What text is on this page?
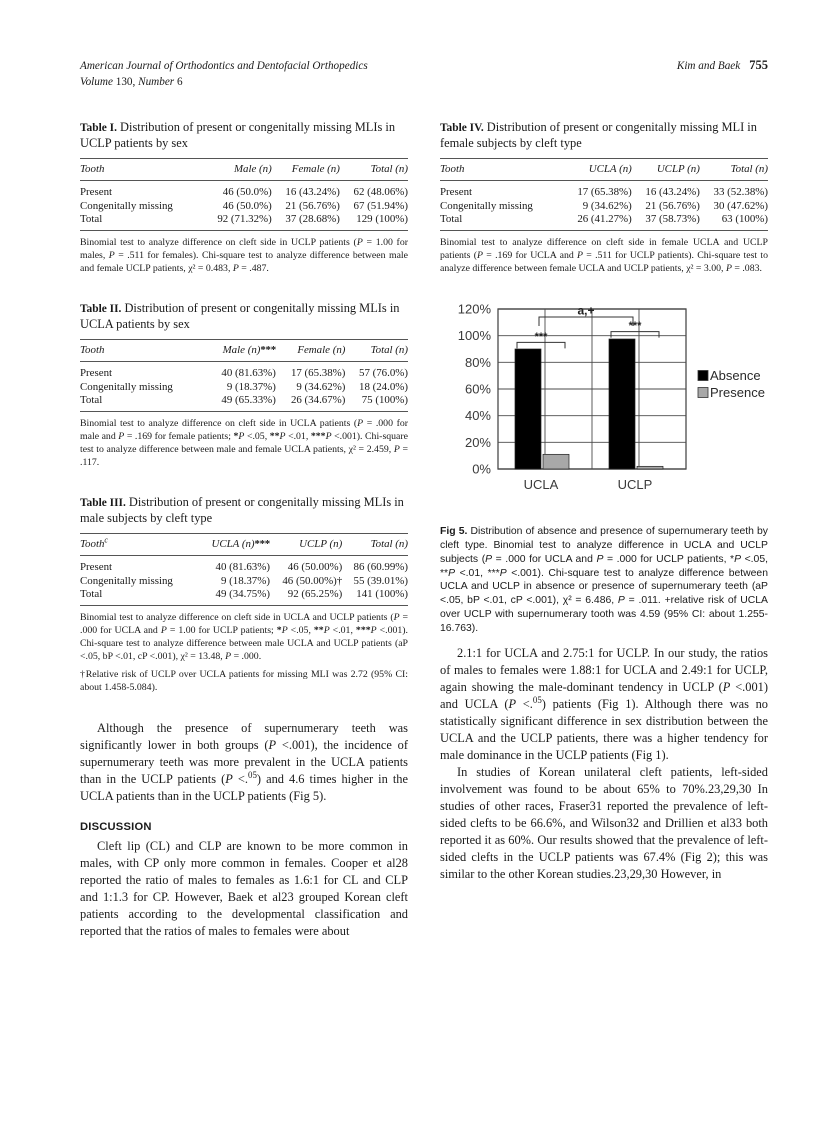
American Journal of Orthodontics and Dentofacial Orthopedics
Volume 130, Number 6
Kim and Baek 755
Table I. Distribution of present or congenitally missing MLIs in UCLP patients by sex
Tooth	Male (n)	Female (n)	Total (n)
Present	46 (50.0%)	16 (43.24%)	62 (48.06%)
Congenitally missing	46 (50.0%)	21 (56.76%)	67 (51.94%)
Total	92 (71.32%)	37 (28.68%)	129 (100%)
Binomial test to analyze difference on cleft side in UCLP patients (P = 1.00 for males, P = .511 for females). Chi-square test to analyze difference between male and female UCLP patients, χ² = 0.483, P = .487.
Table II. Distribution of present or congenitally missing MLIs in UCLA patients by sex
Tooth	Male (n)***	Female (n)	Total (n)
Present	40 (81.63%)	17 (65.38%)	57 (76.0%)
Congenitally missing	9 (18.37%)	9 (34.62%)	18 (24.0%)
Total	49 (65.33%)	26 (34.67%)	75 (100%)
Binomial test to analyze difference on cleft side in UCLA patients (P = .000 for male and P = .169 for female patients; *P <.05, **P <.01, ***P <.001). Chi-square test to analyze difference between male and female UCLA patients, χ² = 2.459, P = .117.
Table III. Distribution of present or congenitally missing MLIs in male subjects by cleft type
Tooth$^c$	UCLA (n)***	UCLP (n)	Total (n)
Present	40 (81.63%)	46 (50.00%)	86 (60.99%)
Congenitally missing	9 (18.37%)	46 (50.00%)†	55 (39.01%)
Total	49 (34.75%)	92 (65.25%)	141 (100%)
Binomial test to analyze difference on cleft side in UCLA and UCLP patients (P = .000 for UCLA and P = 1.00 for UCLP patients; *P <.05, **P <.01, ***P <.001). Chi-square test to analyze difference between male UCLA and UCLP patients (aP <.05, bP <.01, cP <.001), χ² = 13.48, P = .000.
†Relative risk of UCLP over UCLA patients for missing MLI was 2.72 (95% CI: about 1.458-5.084).

Although the presence of supernumerary teeth was significantly lower in both groups (P <.001), the incidence of supernumerary teeth was more prevalent in the UCLA patients than in the UCLP patients (P <.$^{05}$) and 4.6 times higher in the UCLA patients than in the UCLP patients (Fig 5).

DISCUSSION

Cleft lip (CL) and CLP are known to be more common in males, with CP only more common in females. Cooper et al28 reported the ratio of males to females as 1.6:1 for CL and CLP and 1:1.3 for CP. However, Baek et al23 grouped Korean cleft patients according to the developmental classification and reported that the ratios of males to females were about

Table IV. Distribution of present or congenitally missing MLI in female subjects by cleft type
Tooth	UCLA (n)	UCLP (n)	Total (n)
Present	17 (65.38%)	16 (43.24%)	33 (52.38%)
Congenitally missing	9 (34.62%)	21 (56.76%)	30 (47.62%)
Total	26 (41.27%)	37 (58.73%)	63 (100%)
Binomial test to analyze difference on cleft side in female UCLA and UCLP patients (P = .169 for UCLA and P = .511 for UCLP patients). Chi-square test to analyze difference between female UCLA and UCLP patients, χ² = 3.00, P = .083.
0%
20%
40%
60%
80%
100%
120%
UCLA	UCLP
***
***
a,+
Absence
Presence
Fig 5. Distribution of absence and presence of supernumerary teeth by cleft type. Binomial test to analyze difference in UCLA and UCLP subjects (P = .000 for UCLA and P = .000 for UCLP patients, *P <.05, **P <.01, ***P <.001). Chi-square test to analyze difference between UCLA and UCLP in absence or presence of supernumerary teeth (aP <.05, bP <.01, cP <.001), χ² = 6.486, P = .011. +relative risk of UCLA over UCLP with supernumerary tooth was 4.59 (95% CI: about 1.255-16.763).

2.1:1 for UCLA and 2.75:1 for UCLP. In our study, the ratios of males to females were 1.88:1 for UCLA and 2.49:1 for UCLP, again showing the male-dominant tendency in UCLP (P <.001) and UCLA (P <.$^{05}$) patients (Fig 1). Although there was no statistically significant difference in sex distribution between the UCLA and the UCLP patients, there was a higher tendency for male dominance in the UCLP patients (Fig 1).

In studies of Korean unilateral cleft patients, left-sided involvement was found to be about 65% to 70%.23,29,30 In studies of other races, Fraser31 reported the prevalence of left-sided clefts to be 66.6%, and Wilson32 and Drillien et al33 both reported it as 60%. Our results showed that the prevalence of left-sided clefts in the UCLP patients was 67.4% (Fig 2); this was similar to the other Korean studies.23,29,30 However, in
